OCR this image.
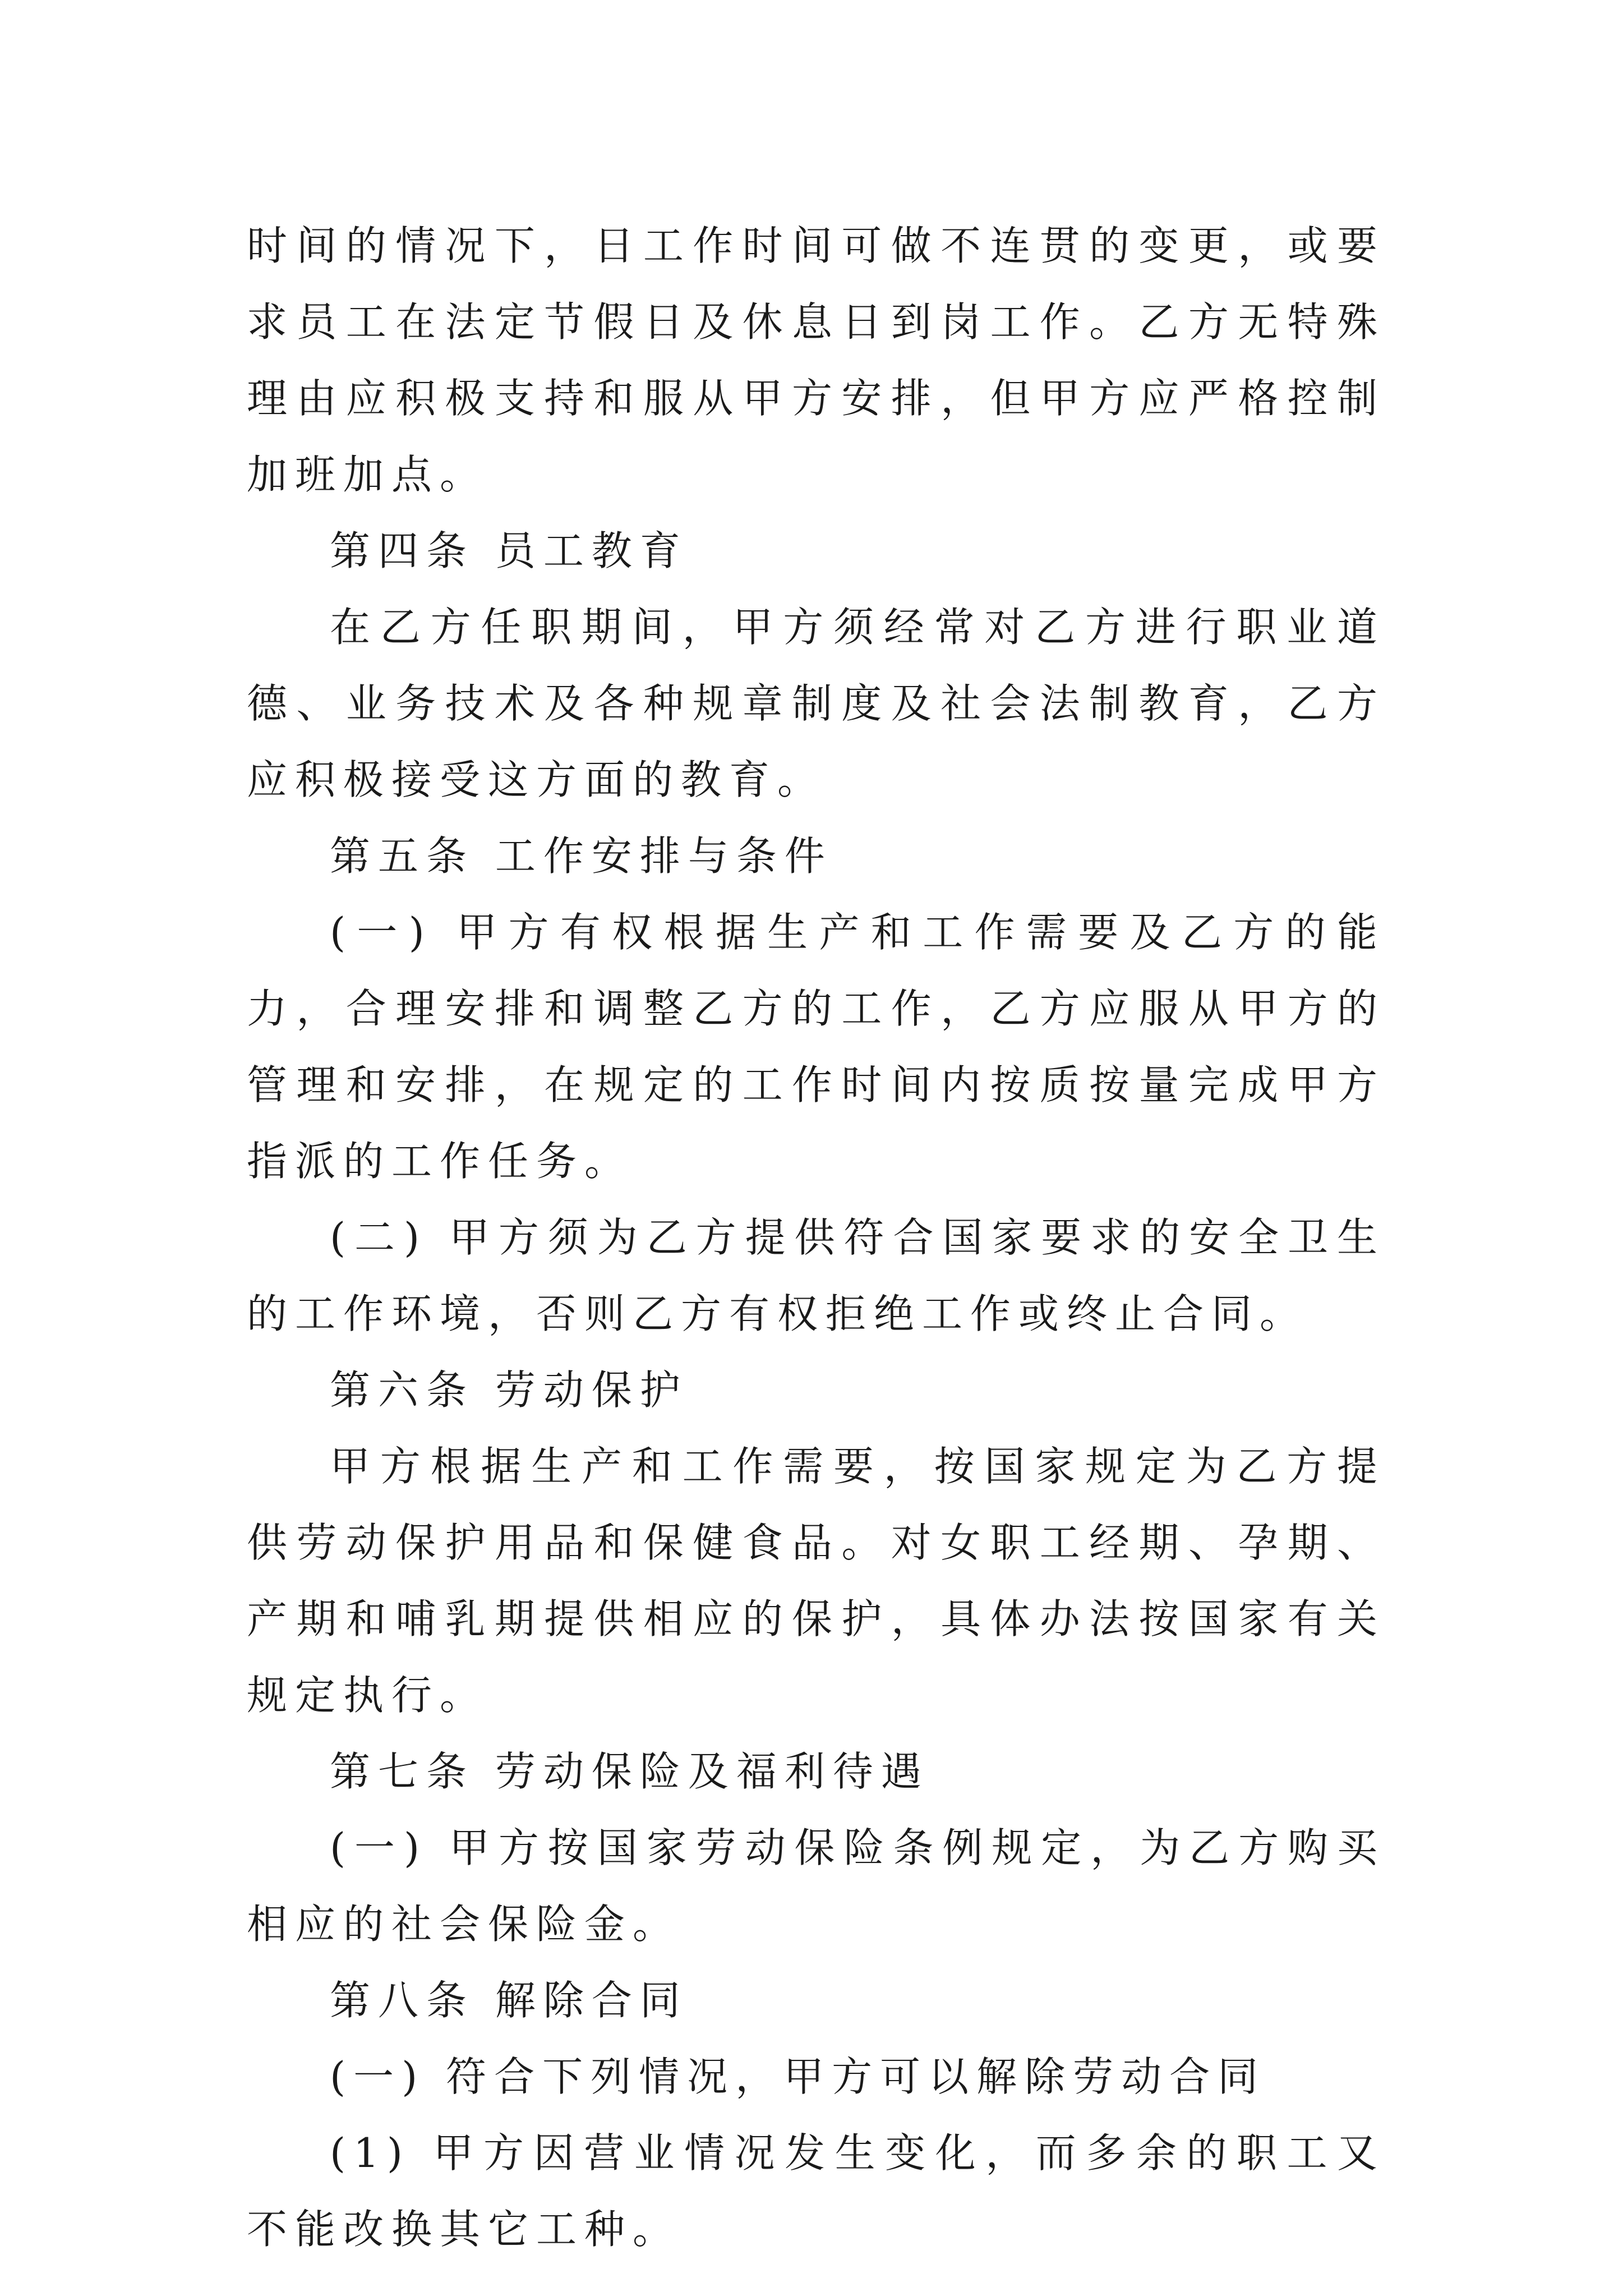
时间的情况下，日工作时间可做不连贯的变更，或要求员工在法定节假日及休息日到岗工作。乙方无特殊理由应积极支持和服从甲方安排，但甲方应严格控制加班加点。

第四条 员工教育

在乙方任职期间，甲方须经常对乙方进行职业道德、业务技术及各种规章制度及社会法制教育，乙方应积极接受这方面的教育。

第五条 工作安排与条件

(一) 甲方有权根据生产和工作需要及乙方的能力，合理安排和调整乙方的工作，乙方应服从甲方的管理和安排，在规定的工作时间内按质按量完成甲方指派的工作任务。

(二) 甲方须为乙方提供符合国家要求的安全卫生的工作环境，否则乙方有权拒绝工作或终止合同。

第六条 劳动保护

甲方根据生产和工作需要，按国家规定为乙方提供劳动保护用品和保健食品。对女职工经期、孕期、产期和哺乳期提供相应的保护，具体办法按国家有关规定执行。

第七条 劳动保险及福利待遇

(一) 甲方按国家劳动保险条例规定，为乙方购买相应的社会保险金。

第八条 解除合同

(一) 符合下列情况，甲方可以解除劳动合同

(1) 甲方因营业情况发生变化，而多余的职工又不能改换其它工种。
